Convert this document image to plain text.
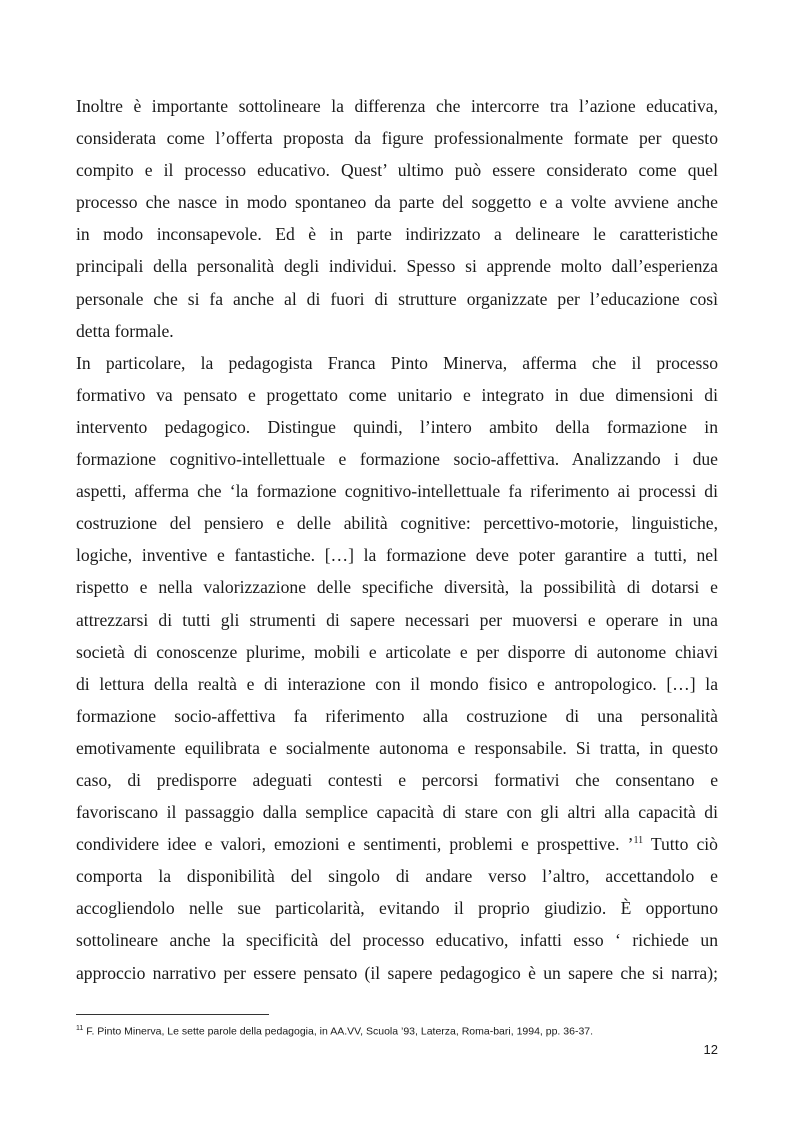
Inoltre è importante sottolineare la differenza che intercorre tra l’azione educativa,
considerata come l’offerta proposta da figure professionalmente formate per questo
compito e il processo educativo. Quest’ ultimo può essere considerato come quel
processo che nasce in modo spontaneo da parte del soggetto e a volte avviene anche
in modo inconsapevole. Ed è in parte indirizzato a delineare le caratteristiche
principali della personalità degli individui. Spesso si apprende molto dall’esperienza
personale che si fa anche al di fuori di strutture organizzate per l’educazione così
detta formale.
In particolare, la pedagogista Franca Pinto Minerva, afferma che il processo
formativo va pensato e progettato come unitario e integrato in due dimensioni di
intervento pedagogico. Distingue quindi, l’intero ambito della formazione in
formazione cognitivo-intellettuale e formazione socio-affettiva. Analizzando i due
aspetti, afferma che ‘la formazione cognitivo-intellettuale fa riferimento ai processi di
costruzione del pensiero e delle abilità cognitive: percettivo-motorie, linguistiche,
logiche, inventive e fantastiche. […] la formazione deve poter garantire a tutti, nel
rispetto e nella valorizzazione delle specifiche diversità, la possibilità di dotarsi e
attrezzarsi di tutti gli strumenti di sapere necessari per muoversi e operare in una
società di conoscenze plurime, mobili e articolate e per disporre di autonome chiavi
di lettura della realtà e di interazione con il mondo fisico e antropologico. […] la
formazione socio-affettiva fa riferimento alla costruzione di una personalità
emotivamente equilibrata e socialmente autonoma e responsabile. Si tratta, in questo
caso, di predisporre adeguati contesti e percorsi formativi che consentano e
favoriscano il passaggio dalla semplice capacità di stare con gli altri alla capacità di
condividere idee e valori, emozioni e sentimenti, problemi e prospettive. ’$^{11}$ Tutto ciò
comporta la disponibilità del singolo di andare verso l’altro, accettandolo e
accogliendolo nelle sue particolarità, evitando il proprio giudizio. È opportuno
sottolineare anche la specificità del processo educativo, infatti esso ‘ richiede un
approccio narrativo per essere pensato (il sapere pedagogico è un sapere che si narra);
$^{11}$ F. Pinto Minerva, Le sette parole della pedagogia, in AA.VV, Scuola ’93, Laterza, Roma-bari, 1994, pp. 36-37.
12
